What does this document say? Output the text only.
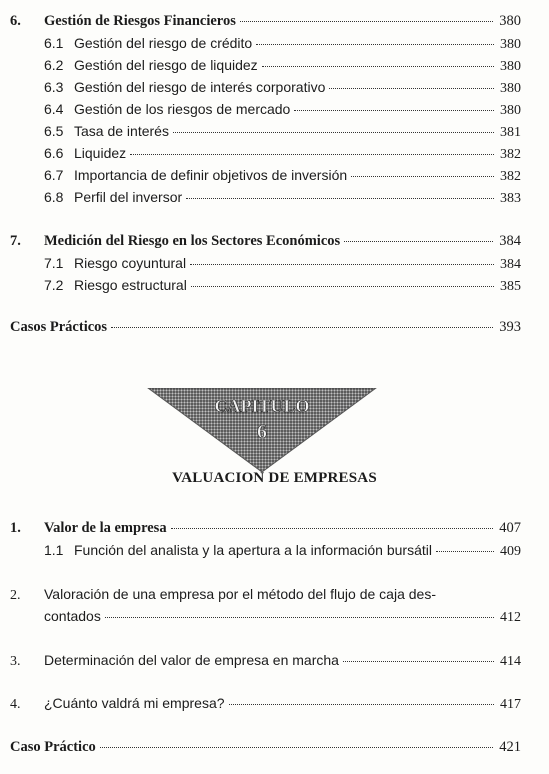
6.	Gestión de Riesgos Financieros	380
6.1 Gestión del riesgo de crédito	380
6.2 Gestión del riesgo de liquidez	380
6.3 Gestión del riesgo de interés corporativo	380
6.4 Gestión de los riesgos de mercado	380
6.5 Tasa de interés	381
6.6 Liquidez	382
6.7 Importancia de definir objetivos de inversión	382
6.8 Perfil del inversor	383
7.	Medición del Riesgo en los Sectores Económicos	384
7.1 Riesgo coyuntural	384
7.2 Riesgo estructural	385
Casos Prácticos	393
CAPITULO
6
VALUACION DE EMPRESAS
1.	Valor de la empresa	407
1.1 Función del analista y la apertura a la información bursátil	409
2.	Valoración de una empresa por el método del flujo de caja des-
contados	412
3.	Determinación del valor de empresa en marcha	414
4.	¿Cuánto valdrá mi empresa?	417
Caso Práctico	421
